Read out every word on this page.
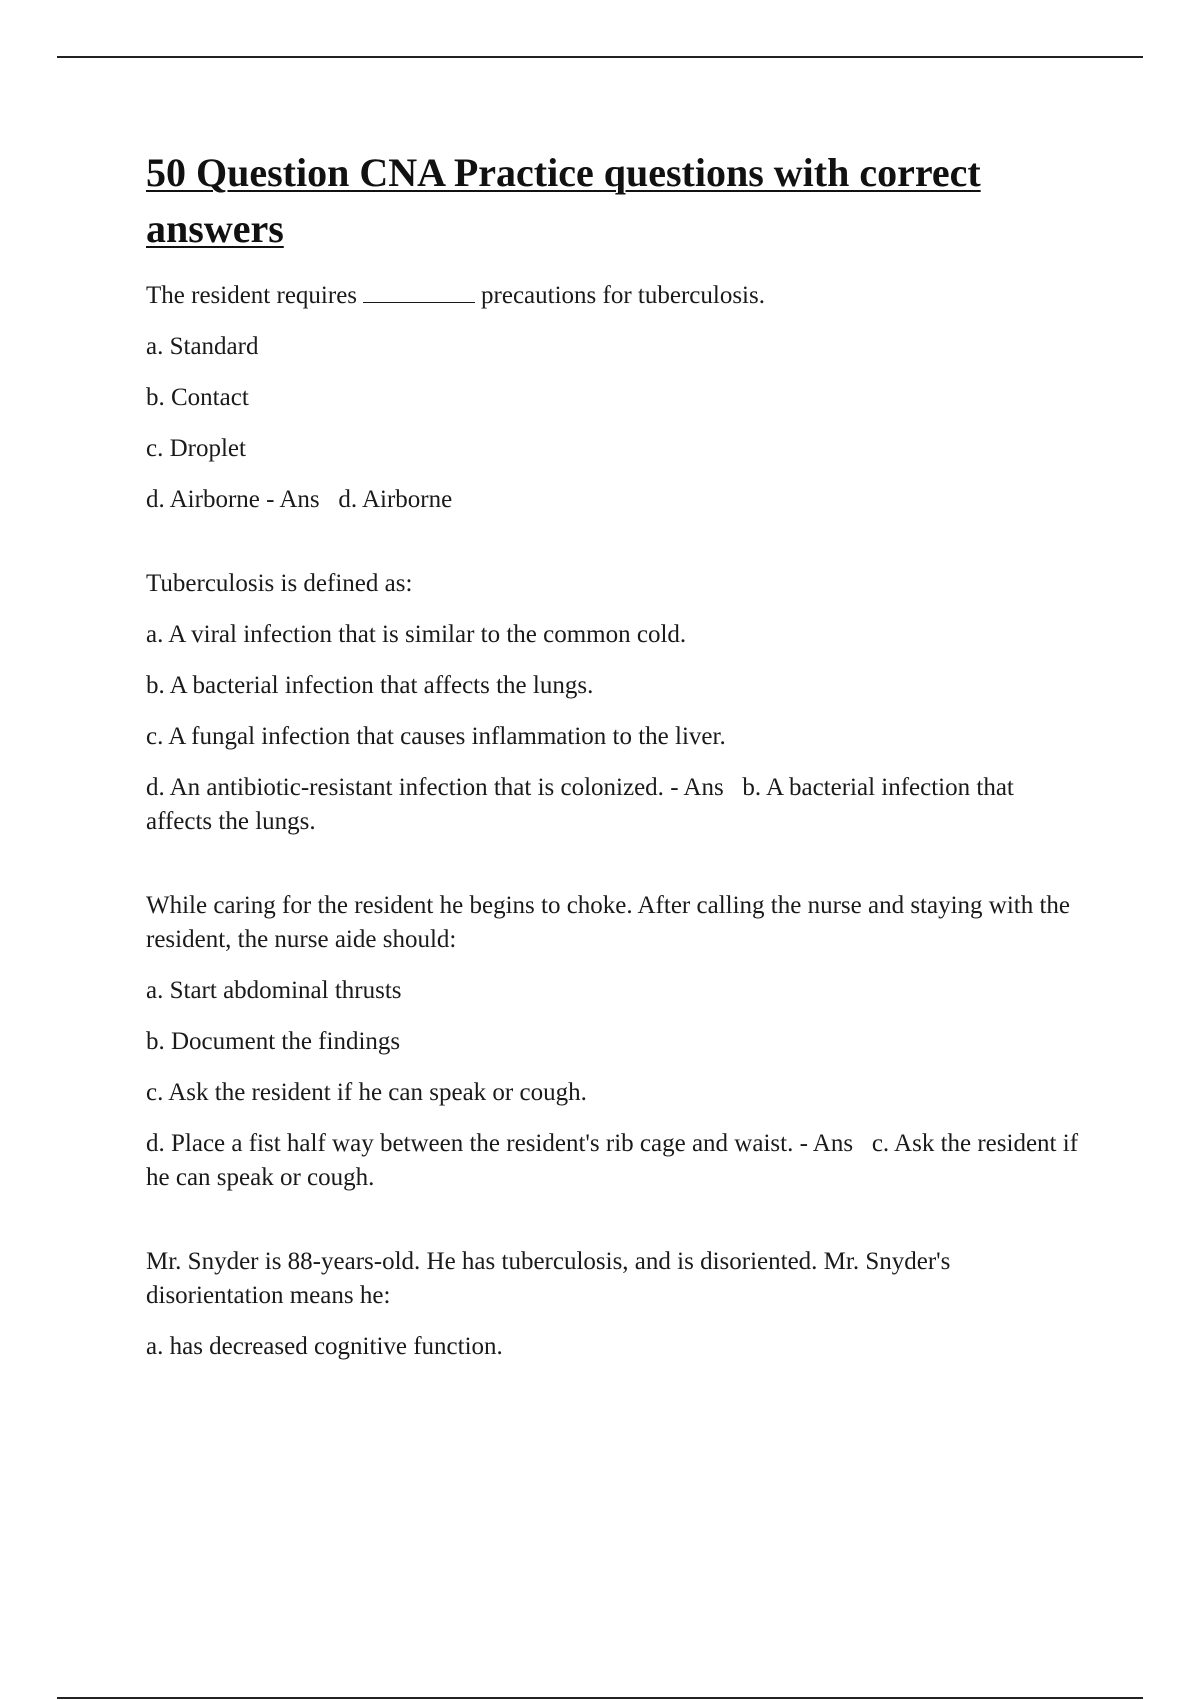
50 Question CNA Practice questions with correct answers

The resident requires	precautions for tuberculosis.

a. Standard

b. Contact

c. Droplet

d. Airborne - Ans d. Airborne

Tuberculosis is defined as:

a. A viral infection that is similar to the common cold.

b. A bacterial infection that affects the lungs.

c. A fungal infection that causes inflammation to the liver.

d. An antibiotic-resistant infection that is colonized. - Ans b. A bacterial infection that affects the lungs.

While caring for the resident he begins to choke. After calling the nurse and staying with the resident, the nurse aide should:

a. Start abdominal thrusts

b. Document the findings

c. Ask the resident if he can speak or cough.

d. Place a fist half way between the resident's rib cage and waist. - Ans c. Ask the resident if he can speak or cough.

Mr. Snyder is 88-years-old. He has tuberculosis, and is disoriented. Mr. Snyder's disorientation means he:

a. has decreased cognitive function.
